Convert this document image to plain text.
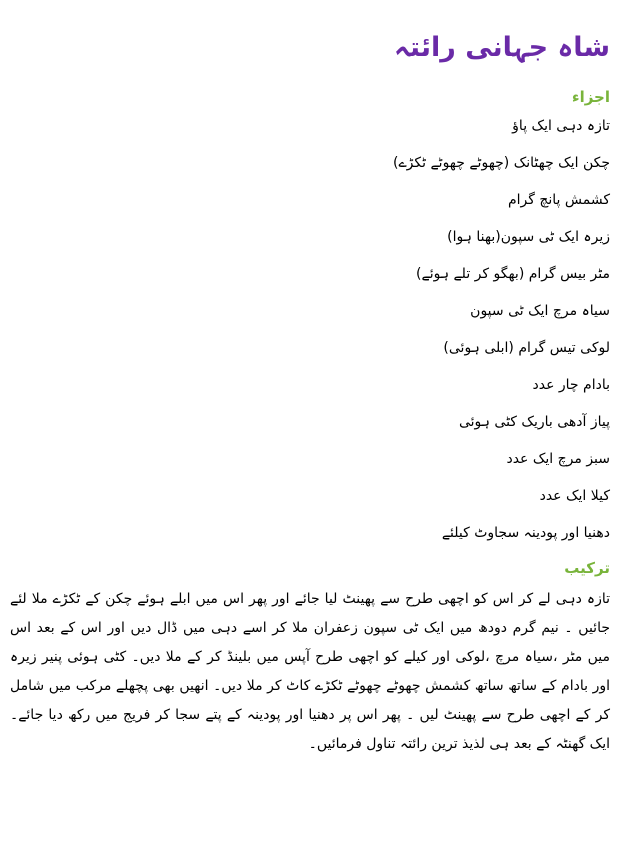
شاہ جہانی رائتہ
اجزاء
تازہ دہی ایک پاؤ
چکن ایک چھٹانک (چھوٹے چھوٹے ٹکڑے)
کشمش پانچ گرام
زیرہ ایک ٹی سپون(بھنا ہوا)
مٹر بیس گرام (بھگو کر تلے ہوئے)
سیاہ مرچ ایک ٹی سپون
لوکی تیس گرام (ابلی ہوئی)
بادام چار عدد
پیاز آدھی باریک کٹی ہوئی
سبز مرچ ایک عدد
کیلا ایک عدد
دھنیا اور پودینہ سجاوٹ کیلئے
ترکیب

تازہ دہی لے کر اس کو اچھی طرح سے پھینٹ لیا جائے اور پھر اس میں ابلے ہوئے چکن کے ٹکڑے ملا لئے جائیں ۔ نیم گرم دودھ میں ایک ٹی سپون زعفران ملا کر اسے دہی میں ڈال دیں اور اس کے بعد اس میں مٹر ،سیاہ مرچ ،لوکی اور کیلے کو اچھی طرح آپس میں بلینڈ کر کے ملا دیں۔ کٹی ہوئی پنیر زیرہ اور بادام کے ساتھ ساتھ کشمش چھوٹے چھوٹے ٹکڑے کاٹ کر ملا دیں۔ انھیں بھی پچھلے مرکب میں شامل کر کے اچھی طرح سے پھینٹ لیں ۔ پھر اس پر دھنیا اور پودینہ کے پتے سجا کر فریج میں رکھ دیا جائے۔ ایک گھنٹہ کے بعد ہی لذیذ ترین رائتہ تناول فرمائیں۔
